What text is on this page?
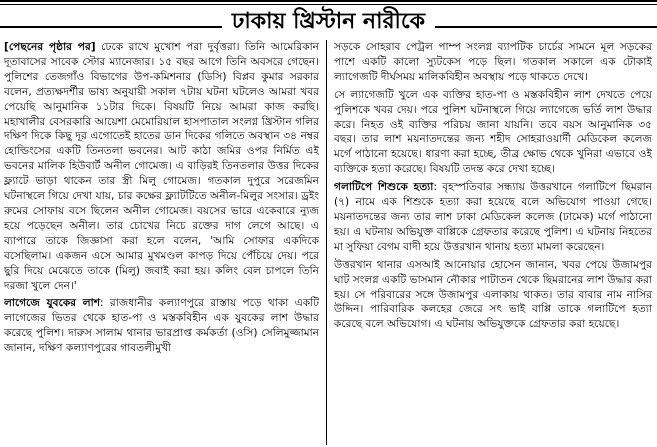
ঢাকায় খ্রিস্টান নারীকে

[পেছনের পৃষ্ঠার পর] ঢেকে রাখে মুখোশ পরা দুর্বৃত্তরা। তিনি আমেরিকান দূতাবাসের সাবেক স্টোর ম্যানেজার। ১৫ বছর আগে তিনি অবসরে গেছেন। পুলিশের তেজগাঁও বিভাগের উপ-কমিশনার (ডিসি) বিপ্লব কুমার সরকার বলেন, প্রত্যক্ষদর্শীর ভাষ্য অনুযায়ী সকাল ৭টায় ঘটনা ঘটলেও আমরা খবর পেয়েছি আনুমানিক ১১টার দিকে। বিষয়টি নিয়ে আমরা কাজ করছি। মহাখালীর বেসরকারি আয়েশা মেমোরিয়াল হাসপাতাল সংলগ্ন খ্রিস্টান গলির দক্ষিণ দিকে কিছু দূর এগোতেই হাতের ডান দিকের গলিতে অবস্থান ৩৪ নম্বর হোল্ডিংসের একটি তিনতলা ভবনের। আট কাঠা জমির ওপর নির্মিত এই ভবনের মালিক হিউবার্ট অনীল গোমেজ। এ বাড়িরই তিনতলার উত্তর দিকের ফ্ল্যাটে ভাড়া থাকেন তার স্ত্রী মিলু গোমেজ। গতকাল দুপুরে সরেজমিন ঘটনাস্থলে গিয়ে দেখা যায়, চার কক্ষের ফ্ল্যাটটিতে অনীল-মিলুর সংসার। ড্রইং রুমের সোফায় বসে ছিলেন অনীল গোমেজ। বয়সের ভারে একেবারে ন্যুজ হয়ে পড়েছেন অনীল। তার চোখের নিচে রক্তের দাগ লেগে আছে। এ ব্যাপারে তাকে জিজ্ঞাসা করা হলে বলেন, 'আমি সোফার একদিকে বসেছিলাম। একজন এসে আমার মুখমণ্ডল কাপড় দিয়ে পেঁচিয়ে দেয়। পরে ছুরি দিয়ে মেঝেতে তাকে (মিলু) জবাই করা হয়। কলিং বেল চাপলে তিনি দরজা খুলে দেন।'

লাগেজে যুবকের লাশ: রাজধানীর কল্যাণপুরে রাস্তায় পড়ে থাকা একটি লাগেজের ভিতর থেকে হাত-পা ও মস্তকবিহীন এক যুবকের লাশ উদ্ধার করেছে পুলিশ। দারুস সালাম থানার ভারপ্রাপ্ত কর্মকর্তা (ওসি) সেলিমুজ্জামান জানান, দক্ষিণ কল্যাণপুরের গাবতলীমুখী

সড়কে সোহরাব পেট্রল পাম্প সংলগ্ন ব্যাপটিক চার্চের সামনে মূল সড়কের পাশে একটি কালো স্যুটকেস পড়ে ছিল। গতকাল সকালে এক টোকাই ল্যাগেজটি দীর্ঘসময় মালিকবিহীন অবস্থায় পড়ে থাকতে দেখে।

সে ল্যাগেজটি খুলে এক ব্যক্তির হাত-পা ও মস্তকবিহীন লাশ দেখতে পেয়ে পুলিশকে খবর দেয়। পরে পুলিশ ঘটনাস্থলে গিয়ে ল্যাগেজে ভর্তি লাশ উদ্ধার করে। নিহত ওই ব্যক্তির পরিচয় জানা যায়নি। তবে বয়স আনুমানিক ৩৫ বছর। তার লাশ ময়নাতদন্তের জন্য শহীদ সোহরাওয়ার্দী মেডিকেল কলেজ মর্গে পাঠানো হয়েছে। ধারণা করা হচ্ছে, তীব্র ক্ষোভ থেকে খুনিরা এভাবে ওই ব্যক্তিকে হত্যা করেছে। বিষয়টি তদন্ত করে দেখা হচ্ছে।

গলাটিপে শিশুকে হত্যা: বৃহস্পতিবার সন্ধ্যায় উত্তরখানে গলাটিপে ছিমরান (৭) নামে এক শিশুকে হত্যা করা হয়েছে বলে অভিযোগ পাওয়া গেছে। ময়নাতদন্তের জন্য তার লাশ ঢাকা মেডিকেল কলেজ (ঢামেক) মর্গে পাঠানো হয়। এ ঘটনায় অভিযুক্ত বাপ্পিকে গ্রেফতার করেছে পুলিশ। এ ঘটনায় নিহতের মা সুফিয়া বেগম বাদী হয়ে উত্তরখান থানায় হত্যা মামলা করেছেন।

উত্তরখান থানার এসআই আনোয়ার হোসেন জানান, খবর পেয়ে উজামপুর ঘাট সংলগ্ন একটি ভাসমান নৌকার পাটাতন থেকে ছিমরানের লাশ উদ্ধার করা হয়। সে পরিবারের সঙ্গে উজামপুর এলাকায় থাকত। তার বাবার নাম নাসির উদ্দিন। পারিবারিক কলহের জেরে সৎ ভাই বাপ্পি তাকে গলাটিপে হত্যা করেছে বলে অভিযোগ। এ ঘটনায় অভিযুক্তকে গ্রেফতার করা হয়েছে।
